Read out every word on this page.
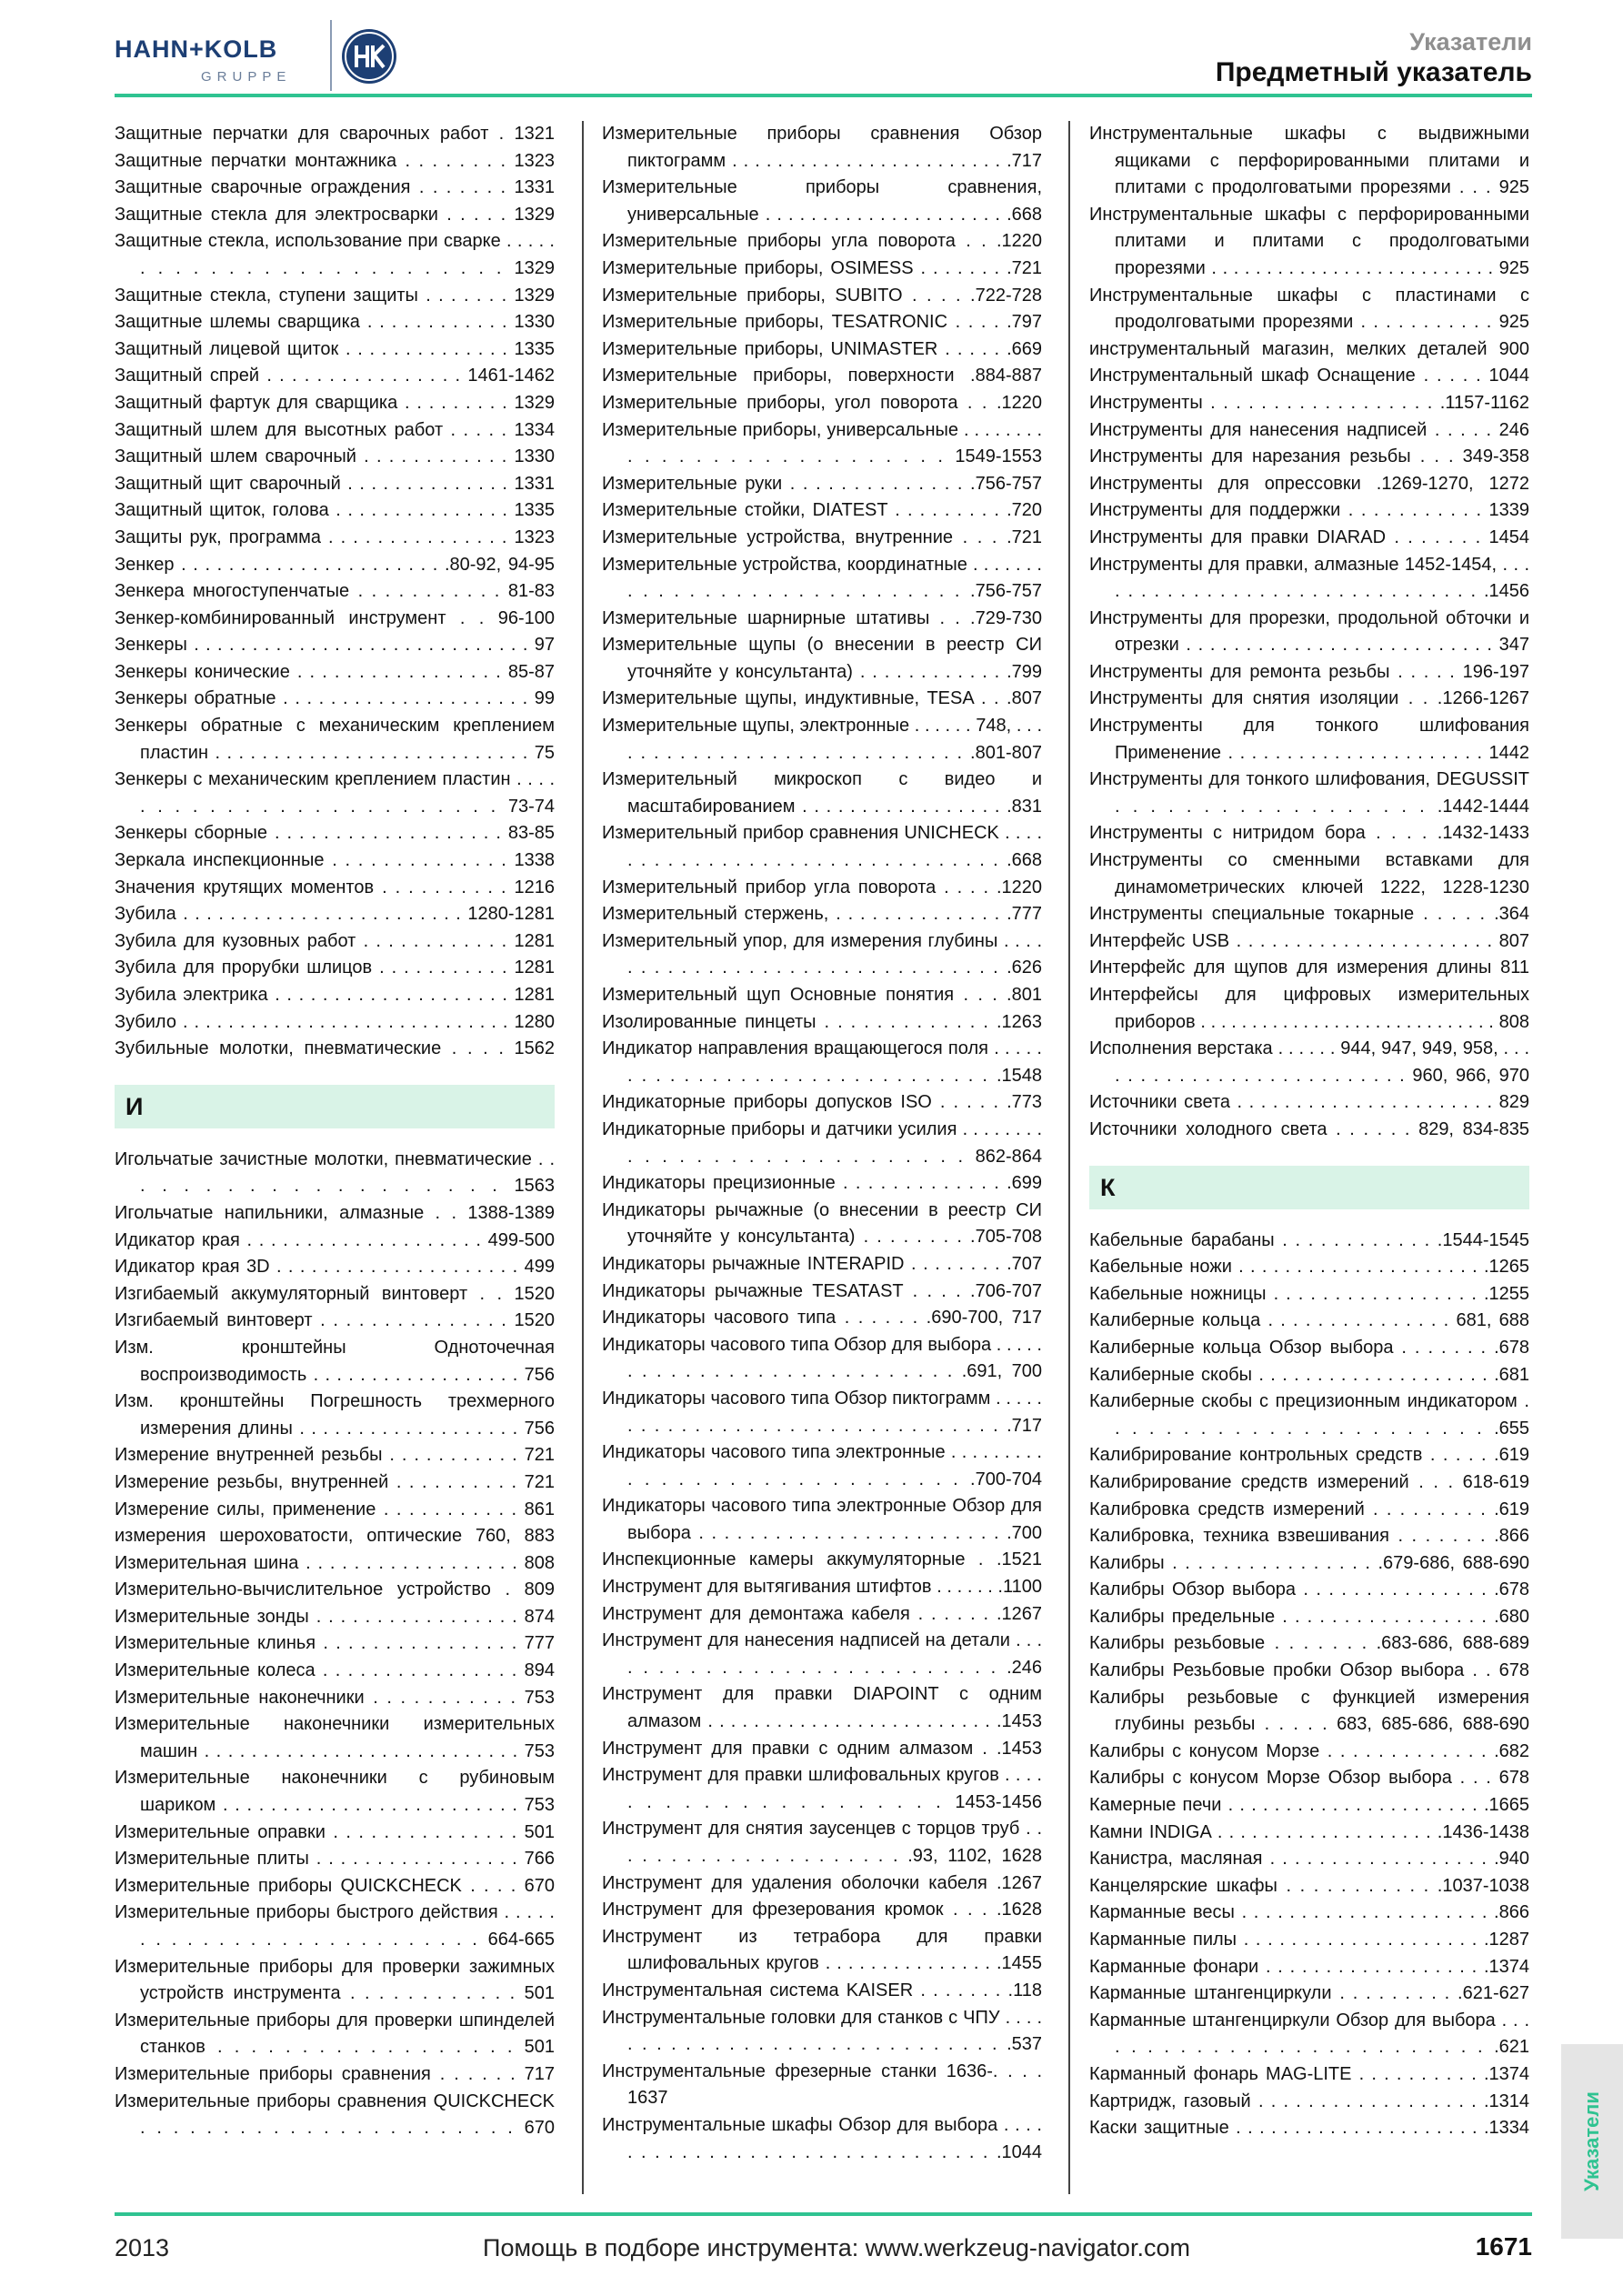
HAHN+KOLB
GRUPPE
Указатели
Предметный указатель
Защитные перчатки для сварочных работ . 1321
Защитные перчатки монтажника . . . . . . . . 1323
Защитные сварочные ограждения . . . . . . . 1331
Защитные стекла для электросварки . . . . . 1329
Защитные стекла, использование при сварке . . . . . . . . . . . . . . . . . . . . . . . . . . 1329
Защитные стекла, ступени защиты . . . . . . . 1329
Защитные шлемы сварщика . . . . . . . . . . . . 1330
Защитный лицевой щиток . . . . . . . . . . . . . . 1335
Защитный спрей . . . . . . . . . . . . . . . . 1461-1462
Защитный фартук для сварщика . . . . . . . . . 1329
Защитный шлем для высотных работ . . . . . 1334
Защитный шлем сварочный . . . . . . . . . . . . 1330
Защитный щит сварочный . . . . . . . . . . . . . . 1331
Защитный щиток, голова . . . . . . . . . . . . . . . 1335
Защиты рук, программа . . . . . . . . . . . . . . . 1323
Зенкер . . . . . . . . . . . . . . . . . . . . . . .80-92, 94-95
Зенкера многоступенчатые . . . . . . . . . . . 81-83
Зенкер-комбинированный инструмент . . 96-100
Зенкеры . . . . . . . . . . . . . . . . . . . . . . . . . . . . . 97
Зенкеры конические . . . . . . . . . . . . . . . . . 85-87
Зенкеры обратные . . . . . . . . . . . . . . . . . . . . . 99
Зенкеры обратные с механическим креплением пластин . . . . . . . . . . . . . . . . . . . . . . . . . . . 75
Зенкеры с механическим креплением пластин . . . . . . . . . . . . . . . . . . . . . . . . . 73-74
Зенкеры сборные . . . . . . . . . . . . . . . . . . . 83-85
Зеркала инспекционные . . . . . . . . . . . . . . 1338
Значения крутящих моментов . . . . . . . . . . 1216
Зубила . . . . . . . . . . . . . . . . . . . . . . . . 1280-1281
Зубила для кузовных работ . . . . . . . . . . . . 1281
Зубила для прорубки шлицов . . . . . . . . . . . 1281
Зубила электрика . . . . . . . . . . . . . . . . . . . . 1281
Зубило . . . . . . . . . . . . . . . . . . . . . . . . . . . . . 1280
Зубильные молотки, пневматические . . . . 1562
И
Игольчатые зачистные молотки, пневматические . . . . . . . . . . . . . . . . . . . 1563
Игольчатые напильники, алмазные . . 1388-1389
Идикатор края . . . . . . . . . . . . . . . . . . . . 499-500
Идикатор края 3D . . . . . . . . . . . . . . . . . . . . . 499
Изгибаемый аккумуляторный винтоверт . . 1520
Изгибаемый винтоверт . . . . . . . . . . . . . . . 1520
Изм. кронштейны Одноточечная воспроизводимость . . . . . . . . . . . . . . . . . . 756
Изм. кронштейны Погрешность трехмерного измерения длины . . . . . . . . . . . . . . . . . . . 756
Измерение внутренней резьбы . . . . . . . . . . . 721
Измерение резьбы, внутренней . . . . . . . . . . 721
Измерение силы, применение . . . . . . . . . . . 861
измерения шероховатости, оптические 760, 883
Измерительная шина . . . . . . . . . . . . . . . . . . 808
Измерительно-вычислительное устройство . 809
Измерительные зонды . . . . . . . . . . . . . . . . . 874
Измерительные клинья . . . . . . . . . . . . . . . . 777
Измерительные колеса . . . . . . . . . . . . . . . . 894
Измерительные наконечники . . . . . . . . . . . 753
Измерительные наконечники измерительных машин . . . . . . . . . . . . . . . . . . . . . . . . . . . 753
Измерительные наконечники с рубиновым шариком . . . . . . . . . . . . . . . . . . . . . . . . . 753
Измерительные оправки . . . . . . . . . . . . . . . 501
Измерительные плиты . . . . . . . . . . . . . . . . . 766
Измерительные приборы QUICKCHECK . . . . 670
Измерительные приборы быстрого действия . . . . . . . . . . . . . . . . . . . . . . . . . . . 664-665
Измерительные приборы для проверки зажимных устройств инструмента . . . . . . . . . . . . 501
Измерительные приборы для проверки шпинделей станков . . . . . . . . . . . . . . . . . . 501
Измерительные приборы сравнения . . . . . . 717
Измерительные приборы сравнения QUICKCHECK . . . . . . . . . . . . . . . . . . . . . . . 670
Измерительные приборы сравнения Обзор пиктограмм . . . . . . . . . . . . . . . . . . . . . . . . .717
Измерительные приборы сравнения, универсальные . . . . . . . . . . . . . . . . . . . . . .668
Измерительные приборы угла поворота . . .1220
Измерительные приборы, OSIMESS . . . . . . . .721
Измерительные приборы, SUBITO . . . . .722-728
Измерительные приборы, TESATRONIC . . . . .797
Измерительные приборы, UNIMASTER . . . . . .669
Измерительные приборы, поверхности .884-887
Измерительные приборы, угол поворота . . .1220
Измерительные приборы, универсальные . . . . . . . . . . . . . . . . . . . . . . . . . . . 1549-1553
Измерительные руки . . . . . . . . . . . . . . .756-757
Измерительные стойки, DIATEST . . . . . . . . . .720
Измерительные устройства, внутренние . . . .721
Измерительные устройства, координатные . . . . . . . . . . . . . . . . . . . . . . . . . . . . . .756-757
Измерительные шарнирные штативы . . .729-730
Измерительные щупы (о внесении в реестр СИ уточняйте у консультанта) . . . . . . . . . . . . .799
Измерительные щупы, индуктивные, TESA . . .807
Измерительные щупы, электронные . . . . . . 748, . . . . . . . . . . . . . . . . . . . . . . . . . . . . . .801-807
Измерительный микроскоп с видео и масштабированием . . . . . . . . . . . . . . . . . .831
Измерительный прибор сравнения UNICHECK . . . . . . . . . . . . . . . . . . . . . . . . . . . . . . . . .668
Измерительный прибор угла поворота . . . . .1220
Измерительный стержень, . . . . . . . . . . . . . . .777
Измерительный упор, для измерения глубины . . . . . . . . . . . . . . . . . . . . . . . . . . . . . . . . .626
Измерительный щуп Основные понятия . . . .801
Изолированные пинцеты . . . . . . . . . . . . . .1263
Индикатор направления вращающегося поля . . . . . . . . . . . . . . . . . . . . . . . . . . . . . . . .1548
Индикаторные приборы допусков ISO . . . . . .773
Индикаторные приборы и датчики усилия . . . . . . . . . . . . . . . . . . . . . . . . . . . . 862-864
Индикаторы прецизионные . . . . . . . . . . . . . .699
Индикаторы рычажные (о внесении в реестр СИ уточняйте у консультанта) . . . . . . . . .705-708
Индикаторы рычажные INTERAPID . . . . . . . . .707
Индикаторы рычажные TESATAST . . . . .706-707
Индикаторы часового типа . . . . . . .690-700, 717
Индикаторы часового типа Обзор для выбора . . . . . . . . . . . . . . . . . . . . . . . . . . . . .691, 700
Индикаторы часового типа Обзор пиктограмм . . . . . . . . . . . . . . . . . . . . . . . . . . . . . . . . . .717
Индикаторы часового типа электронные . . . . . . . . . . . . . . . . . . . . . . . . . . . . . .700-704
Индикаторы часового типа электронные Обзор для выбора . . . . . . . . . . . . . . . . . . . . . . . . .700
Инспекционные камеры аккумуляторные . .1521
Инструмент для вытягивания штифтов . . . . . . .1100
Инструмент для демонтажа кабеля . . . . . . .1267
Инструмент для нанесения надписей на детали . . . . . . . . . . . . . . . . . . . . . . . . . . . .246
Инструмент для правки DIAPOINT с одним алмазом . . . . . . . . . . . . . . . . . . . . . . . . . .1453
Инструмент для правки с одним алмазом . .1453
Инструмент для правки шлифовальных кругов . . . . . . . . . . . . . . . . . . . . . 1453-1456
Инструмент для снятия заусенцев с торцов труб . . . . . . . . . . . . . . . . . . . . . .93, 1102, 1628
Инструмент для удаления оболочки кабеля .1267
Инструмент для фрезерования кромок . . . .1628
Инструмент из тетрабора для правки шлифовальных кругов . . . . . . . . . . . . . . . .1455
Инструментальная система KAISER . . . . . . . .118
Инструментальные головки для станков с ЧПУ . . . . . . . . . . . . . . . . . . . . . . . . . . . . . . .537
Инструментальные фрезерные станки 1636-. . . . 1637
Инструментальные шкафы Обзор для выбора . . . . . . . . . . . . . . . . . . . . . . . . . . . . . . . .1044
Инструментальные шкафы с выдвижными ящиками с перфорированными плитами и плитами с продолговатыми прорезями . . . 925
Инструментальные шкафы с перфорированными плитами и плитами с продолговатыми прорезями . . . . . . . . . . . . . . . . . . . . . . . . . . 925
Инструментальные шкафы с пластинами с продолговатыми прорезями . . . . . . . . . . . 925
инструментальный магазин, мелких деталей 900
Инструментальный шкаф Оснащение . . . . . 1044
Инструменты . . . . . . . . . . . . . . . . . . .1157-1162
Инструменты для нанесения надписей . . . . . 246
Инструменты для нарезания резьбы . . . 349-358
Инструменты для опрессовки .1269-1270, 1272
Инструменты для поддержки . . . . . . . . . . . 1339
Инструменты для правки DIARAD . . . . . . . 1454
Инструменты для правки, алмазные 1452-1454, . . . . . . . . . . . . . . . . . . . . . . . . . . . . . . . .1456
Инструменты для прорезки, продольной обточки и отрезки . . . . . . . . . . . . . . . . . . . . . . . . . . 347
Инструменты для ремонта резьбы . . . . . 196-197
Инструменты для снятия изоляции . . .1266-1267
Инструменты для тонкого шлифования Применение . . . . . . . . . . . . . . . . . . . . . . 1442
Инструменты для тонкого шлифования, DEGUSSIT . . . . . . . . . . . . . . . . . . .1442-1444
Инструменты с нитридом бора . . . . .1432-1433
Инструменты со сменными вставками для динамометрических ключей 1222, 1228-1230
Инструменты специальные токарные . . . . . .364
Интерфейс USB . . . . . . . . . . . . . . . . . . . . . . 807
Интерфейс для щупов для измерения длины 811
Интерфейсы для цифровых измерительных приборов . . . . . . . . . . . . . . . . . . . . . . . . . . . . . 808
Исполнения верстака . . . . . . 944, 947, 949, 958, . . . . . . . . . . . . . . . . . . . . . . . . . . 960, 966, 970
Источники света . . . . . . . . . . . . . . . . . . . . . . 829
Источники холодного света . . . . . . 829, 834-835
К
Кабельные барабаны . . . . . . . . . . . . .1544-1545
Кабельные ножи . . . . . . . . . . . . . . . . . . . . . .1265
Кабельные ножницы . . . . . . . . . . . . . . . . . .1255
Калиберные кольца . . . . . . . . . . . . . . . 681, 688
Калиберные кольца Обзор выбора . . . . . . . .678
Калиберные скобы . . . . . . . . . . . . . . . . . . . . .681
Калиберные скобы с прецизионным индикатором . . . . . . . . . . . . . . . . . . . . . . . .655
Калибрирование контрольных средств . . . . . .619
Калибрирование средств измерений . . . 618-619
Калибровка средств измерений . . . . . . . . . .619
Калибровка, техника взвешивания . . . . . . . .866
Калибры . . . . . . . . . . . . . . . . .679-686, 688-690
Калибры Обзор выбора . . . . . . . . . . . . . . . .678
Калибры предельные . . . . . . . . . . . . . . . . . .680
Калибры резьбовые . . . . . . . .683-686, 688-689
Калибры Резьбовые пробки Обзор выбора . . 678
Калибры резьбовые с функцией измерения глубины резьбы . . . . . 683, 685-686, 688-690
Калибры с конусом Морзе . . . . . . . . . . . . . .682
Калибры с конусом Морзе Обзор выбора . . . 678
Камерные печи . . . . . . . . . . . . . . . . . . . . . . .1665
Камни INDIGA . . . . . . . . . . . . . . . . . . . .1436-1438
Канистра, масляная . . . . . . . . . . . . . . . . . . .940
Канцелярские шкафы . . . . . . . . . . . .1037-1038
Карманные весы . . . . . . . . . . . . . . . . . . . . . .866
Карманные пилы . . . . . . . . . . . . . . . . . . . . .1287
Карманные фонари . . . . . . . . . . . . . . . . . . .1374
Карманные штангенциркули . . . . . . . . . .621-627
Карманные штангенциркули Обзор для выбора . . . . . . . . . . . . . . . . . . . . . . . . . . .621
Карманный фонарь MAG-LITE . . . . . . . . . . .1374
Картридж, газовый . . . . . . . . . . . . . . . . . . .1314
Каски защитные . . . . . . . . . . . . . . . . . . . . . .1334	Указатели
2013	Помощь в подборе инструмента: www.werkzeug-navigator.com	1671
